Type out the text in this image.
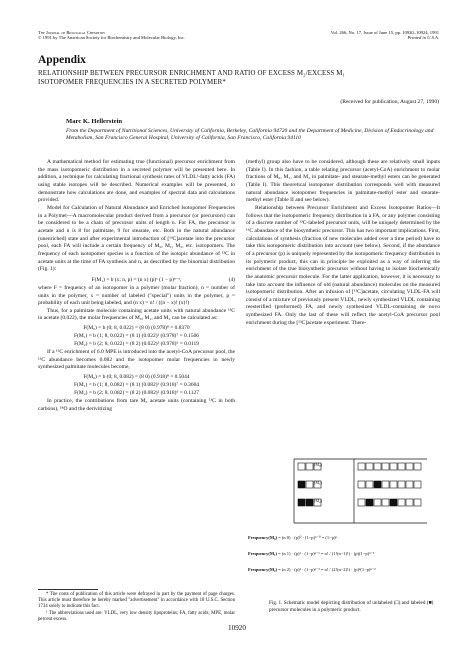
The Journal of Biological Chemistry
© 1991 by The American Society for Biochemistry and Molecular Biology, Inc.
Vol. 266, No. 17, Issue of June 15, pp. 10920–10924, 1991
Printed in U.S.A.
Appendix
RELATIONSHIP BETWEEN PRECURSOR ENRICHMENT AND RATIO OF EXCESS M₂/EXCESS M₁
ISOTOPOMER FREQUENCIES IN A SECRETED POLYMER*
(Received for publication, August 27, 1990)
Marc K. Hellerstein
From the Department of Nutritional Sciences, University of California, Berkeley, California 94720 and the Department of Medicine, Division of Endocrinology and Metabolism, San Francisco General Hospital, University of California, San Francisco, California 94110

A mathematical method for estimating true (functional) precursor enrichment from the mass isotopomeric distribution in a secreted polymer will be presented here. In addition, a technique for calculating fractional synthesis rates of VLDL¹-fatty acids (FA) using stable isotopes will be described. Numerical examples will be presented, to demonstrate how calculations are done, and examples of spectral data and calculations provided.

Model for Calculation of Natural Abundance and Enriched Isotopomer Frequencies in a Polymer—A macromolecular product derived from a precursor (or precursors) can be considered to be a chain of precursor units of length n. For FA, the precursor is acetate and n is 8 for palmitate, 9 for stearate, etc. Both in the natural abundance (unenriched) state and after experimental introduction of [¹³C]acetate into the precursor pool, each FA will include a certain frequency of M₀, M₁, M₂, etc. isotopomers. The frequency of each isotopomer species is a function of the isotopic abundance of ¹³C in acetate units at the time of FA synthesis and n, as described by the binomial distribution (Fig. 1):

F(M₁) = b (x; n, p) = (n x) (p)ˣ (1 − p)ⁿ⁻ˣ,	(4)

where F = frequency of an isotopomer in a polymer (molar fraction), n = number of units in the polymer, x = number of labeled ("special") units in the polymer, p = probability of each unit being labeled, and (n x) = n! / ((n − x)! (x)!)

Thus, for a palmitate molecule containing acetate units with natural abundance ¹³C in acetate (0.022), the molar frequencies of M₀, M₁, and M₂ can be calculated as:

F(M₀) = b (0; 8, 0.022) = (8 0) (0.978)⁸ = 0.8370
F(M₁) = b (1; 8, 0.022) = (8 1) (0.022)¹ (0.978)⁷ = 0.1506
F(M₂) = b (2; 8, 0.022) = (8 2) (0.022)² (0.978)⁶ = 0.0119

If a ¹³C enrichment of 6.0 MPE is introduced into the acetyl-CoA precursor pool, the ¹³C abundance becomes 0.082 and the isotopomer molar frequencies in newly synthesized palmitate molecules become,

F(M₀) = b (0; 8, 0.082) = (8 0) (0.918)⁸ = 0.5044
F(M₁) = b (1; 8, 0.082) = (8 1) (0.082)¹ (0.918)⁷ = 0.3604
F(M₂) = b (2; 8, 0.082) = (8 2) (0.082)² (0.918)⁶ = 0.1127

In practice, the contributions from tare M₀ acetate units (containing ¹³C in both carbons), ¹⁸O and the derivitizing

* The costs of publication of this article were defrayed in part by the payment of page charges. This article must therefore be hereby marked "advertisement" in accordance with 18 U.S.C. Section 1734 solely to indicate this fact.

¹ The abbreviations used are: VLDL, very low density lipoproteins; FA, fatty acids; MPE, molar percent excess.

(methyl) group also have to be considered, although these are relatively small inputs (Table I). In this fashion, a table relating precursor (acetyl-CoA) enrichment to molar fractions of M₀, M₁, and M₂ in palmitate- and stearate-methyl esters can be generated (Table I). This theoretical isotopomer distribution corresponds well with measured natural abundance isotopomer frequencies in palmitate-methyl ester and stearate-methyl ester (Table II and see below).

Relationship between Precursor Enrichment and Excess Isotopomer Ratios—It follows that the isotopomeric frequency distribution in a FA, or any polymer consisting of a discrete number of ¹³C-labeled precursor units, will be uniquely determined by the ¹³C abundance of the biosynthetic precursor. This has two important implications. First, calculations of synthesis (fraction of new molecules added over a time period) have to take this isotopomeric distribution into account (see below). Second, if the abundance of a precursor (p) is uniquely represented by the isotopomeric frequency distribution in its polymeric product, this can in principle be exploited as a way of inferring the enrichment of the true biosynthetic precursor without having to isolate biochemically the anatomic precursor molecule. For the latter application, however, it is necessary to take into account the influence of old (natural abundance) molecules on the measured isotopomeric distribution. After an infusion of [¹³C]acetate, circulating VLDL-FA will consist of a mixture of previously present VLDL, newly synthesized VLDL containing reesterified (preformed) FA, and newly synthesized VLDL-containing de novo synthesized FA. Only the last of these will reflect the acetyl-CoA precursor pool enrichment during the [¹³C]acetate experiment. There-

(M₀)
(M₁)
(M₂)
Frequency(M₀) = (n 0) · (p)⁰ · (1−p)ⁿ⁻⁰ = (1−p)ⁿ
Frequency(M₁) = (n 1) · (p)¹ · (1−p)ⁿ⁻¹ = n! / (1!(n−1)!) · (p)(1−p)ⁿ⁻¹
Frequency(M₂) = (n 2) · (p)² · (1−p)ⁿ⁻² = n! / (2!(n−2)!) · (p)²(1−p)ⁿ⁻²
Fig. 1. Schematic model depicting distribution of unlabeled (□) and labeled (■) precursor molecules in a polymeric product.
10920
